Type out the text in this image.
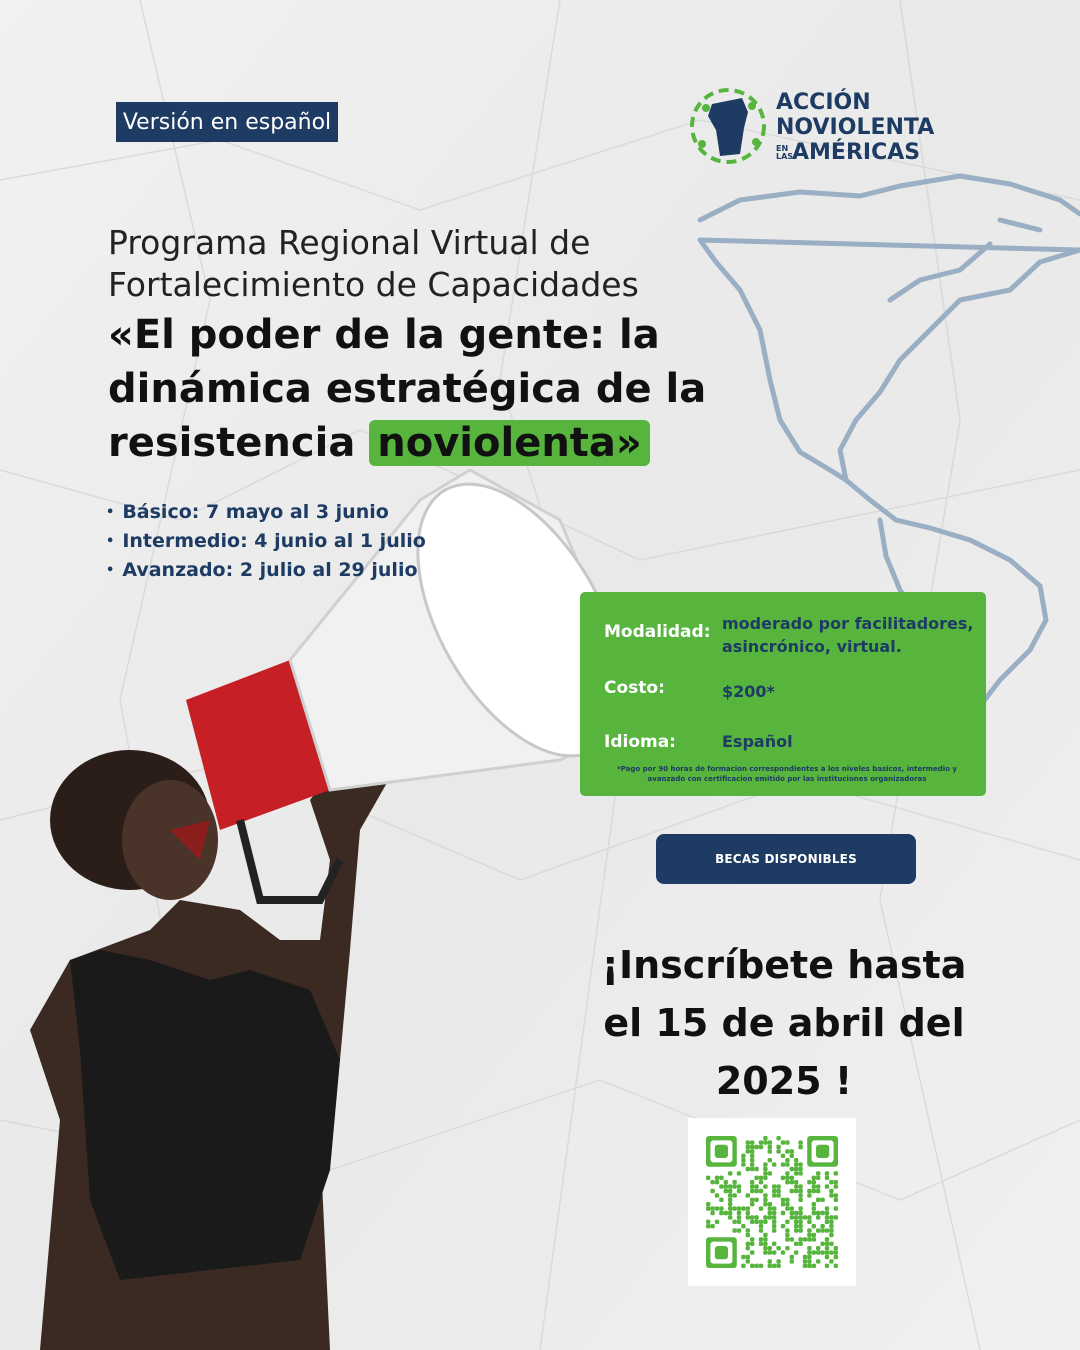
Versión en español
ACCIÓN
NOVIOLENTA
EN LASAMÉRICAS
Programa Regional Virtual de
Fortalecimiento de Capacidades
«El poder de la gente: la dinámica estratégica de la resistencia noviolenta»
• Básico: 7 mayo al 3 junio
• Intermedio: 4 junio al 1 julio
• Avanzado: 2 julio al 29 julio
Modalidad: moderado por facilitadores, asincrónico, virtual.
Costo:	$200*
Idioma:	Español
*Pago por 90 horas de formacion correspondientes a los niveles basicos, intermedio y avanzado con certificacion emitido por las instituciones organizadoras
BECAS DISPONIBLES
¡Inscríbete hasta
el 15 de abril del
2025 !
